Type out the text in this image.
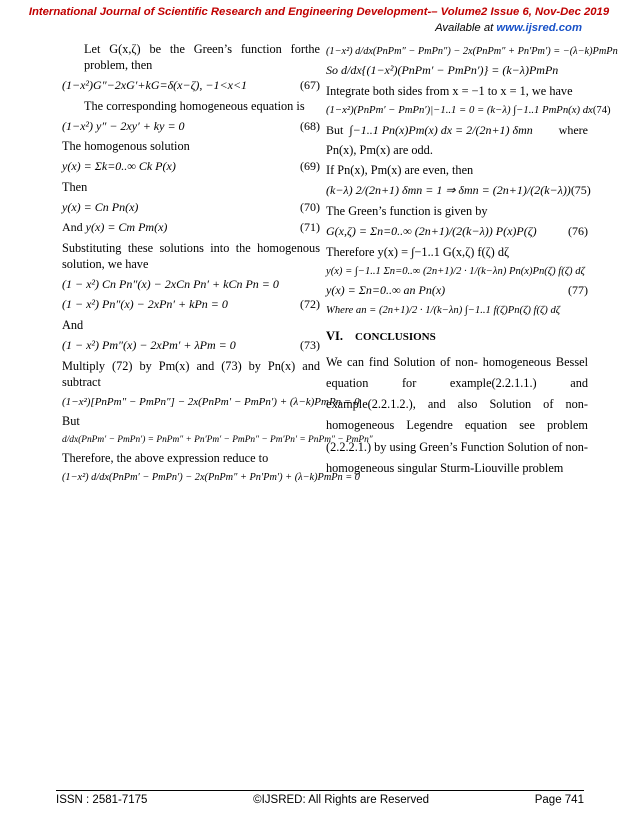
International Journal of Scientific Research and Engineering Development-– Volume2 Issue 6, Nov-Dec 2019
Available at www.ijsred.com

Let G(x,ζ) be the Green’s function forthe problem, then

(1−x²)G″−2xG′+kG=δ(x−ζ), −1<x<1	(67)

The corresponding homogeneous equation is

(1−x²) y″ − 2xy′ + ky = 0	(68)

The homogenous solution

y(x) = Σk=0..∞ Ck P(x)	(69)

Then

y(x) = Cn Pn(x)	(70)
And y(x) = Cm Pm(x)	(71)

Substituting these solutions into the homogenous solution, we have

(1 − x²) Cn Pn″(x) − 2xCn Pn′ + kCn Pn = 0
(1 − x²) Pn″(x) − 2xPn′ + kPn = 0	(72)

And

(1 − x²) Pm″(x) − 2xPm′ + λPm = 0	(73)

Multiply (72) by Pm(x) and (73) by Pn(x) and subtract

(1−x²)[PnPm″ − PmPn″] − 2x(PnPm′ − PmPn′) + (λ−k)PmPn = 0

But

d/dx(PnPm′ − PmPn′) = PnPm″ + Pn′Pm′ − PmPn″ − Pm′Pn′ = PnPm″ − PmPn″

Therefore, the above expression reduce to

(1−x²) d/dx(PnPm′ − PmPn′) − 2x(PnPm″ + Pn′Pm′) + (λ−k)PmPn = 0
(1−x²) d/dx(PnPm″ − PmPn″) − 2x(PnPm″ + Pn′Pm′) = −(λ−k)PmPn
So d/dx{(1−x²)(PnPm′ − PmPn′)} = (k−λ)PmPn

Integrate both sides from x = −1 to x = 1, we have

(1−x²)(PnPm′ − PmPn′)|−1..1 = 0 = (k−λ) ∫−1..1 PmPn(x) dx (74)
But ∫−1..1 Pn(x)Pm(x) dx = 2/(2n+1) δmn where

Pn(x), Pm(x) are odd.

If Pn(x), Pm(x) are even, then

(k−λ) 2/(2n+1) δmn = 1 ⇒ δmn = (2n+1)/(2(k−λ)) (75)

The Green’s function is given by

G(x,ζ) = Σn=0..∞ (2n+1)/(2(k−λ)) P(x)P(ζ)	(76)

Therefore y(x) = ∫−1..1 G(x,ζ) f(ζ) dζ

y(x) = ∫−1..1 Σn=0..∞ (2n+1)/2 · 1/(k−λn) Pn(x)Pn(ζ) f(ζ) dζ
y(x) = Σn=0..∞ an Pn(x)	(77)
Where an = (2n+1)/2 · 1/(k−λn) ∫−1..1 f(ζ)Pn(ζ) f(ζ) dζ
VI. CONCLUSIONS

We can find Solution of non- homogeneous Bessel equation for example(2.2.1.1.) and example(2.2.1.2.), and also Solution of non-homogeneous Legendre equation see problem (2.2.2.1.) by using Green’s Function Solution of non-homogeneous singular Sturm-Liouville problem

ISSN : 2581-7175	©IJSRED: All Rights are Reserved	Page 741
